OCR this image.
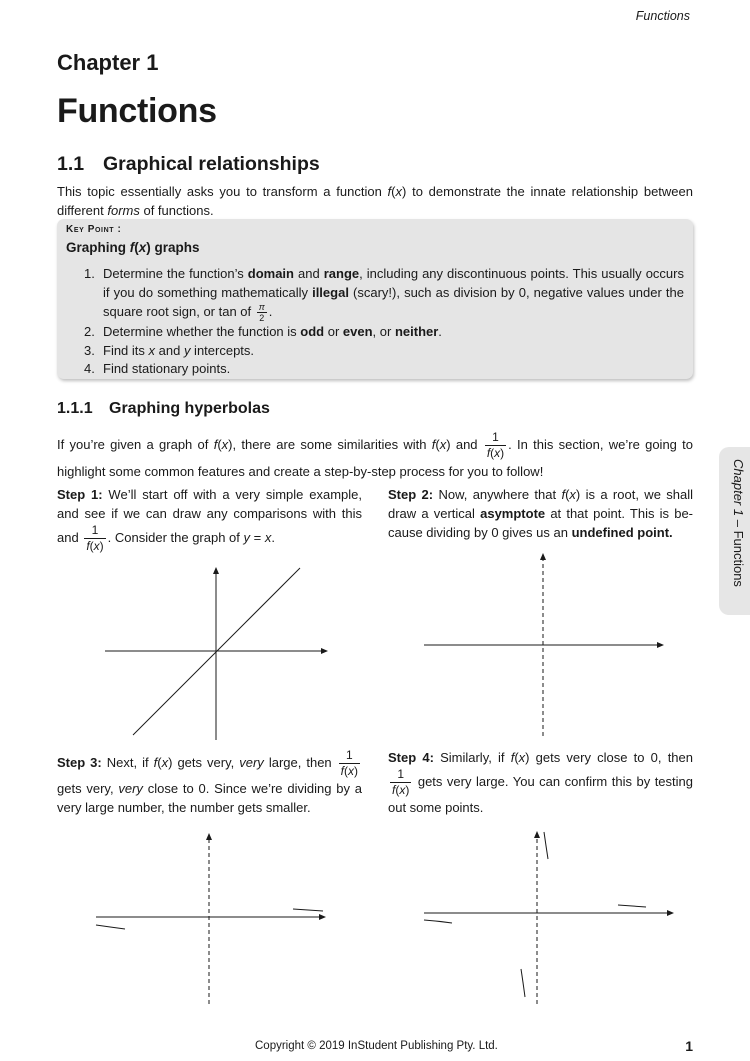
Functions
Chapter 1
Functions
1.1 Graphical relationships

This topic essentially asks you to transform a function f(x) to demonstrate the innate relationship between different forms of functions.

Key Point :
Graphing f(x) graphs
1. Determine the function’s domain and range, including any discontinuous points. This usually occurs if you do something mathematically illegal (scary!), such as division by 0, negative values under the square root sign, or tan of $\frac{\pi}{2}$ .
2. Determine whether the function is odd or even, or neither.
3. Find its x and y intercepts.
4. Find stationary points.
1.1.1 Graphing hyperbolas

If you’re given a graph of f(x), there are some similarities with f(x) and $\frac{1}{f(x)}$ . In this section, we’re going to highlight some common features and create a step-by-step process for you to follow!

Step 1: We’ll start off with a very simple example, and see if we can draw any comparisons with this and $\frac{1}{f(x)}$ . Consider the graph of y = x.

Step 2: Now, anywhere that f(x) is a root, we shall draw a vertical asymptote at that point. This is be-cause dividing by 0 gives us an undefined point.

Step 3: Next, if f(x) gets very, very large, then $\frac{1}{f(x)}$
gets very, very close to 0. Since we’re dividing by a very large number, the number gets smaller.

Step 4: Similarly, if f(x) gets very close to 0, then
$\frac{1}{f(x)}$ gets very large. You can confirm this by testing out some points.

Chapter 1 – Functions
Copyright © 2019 InStudent Publishing Pty. Ltd.	1
